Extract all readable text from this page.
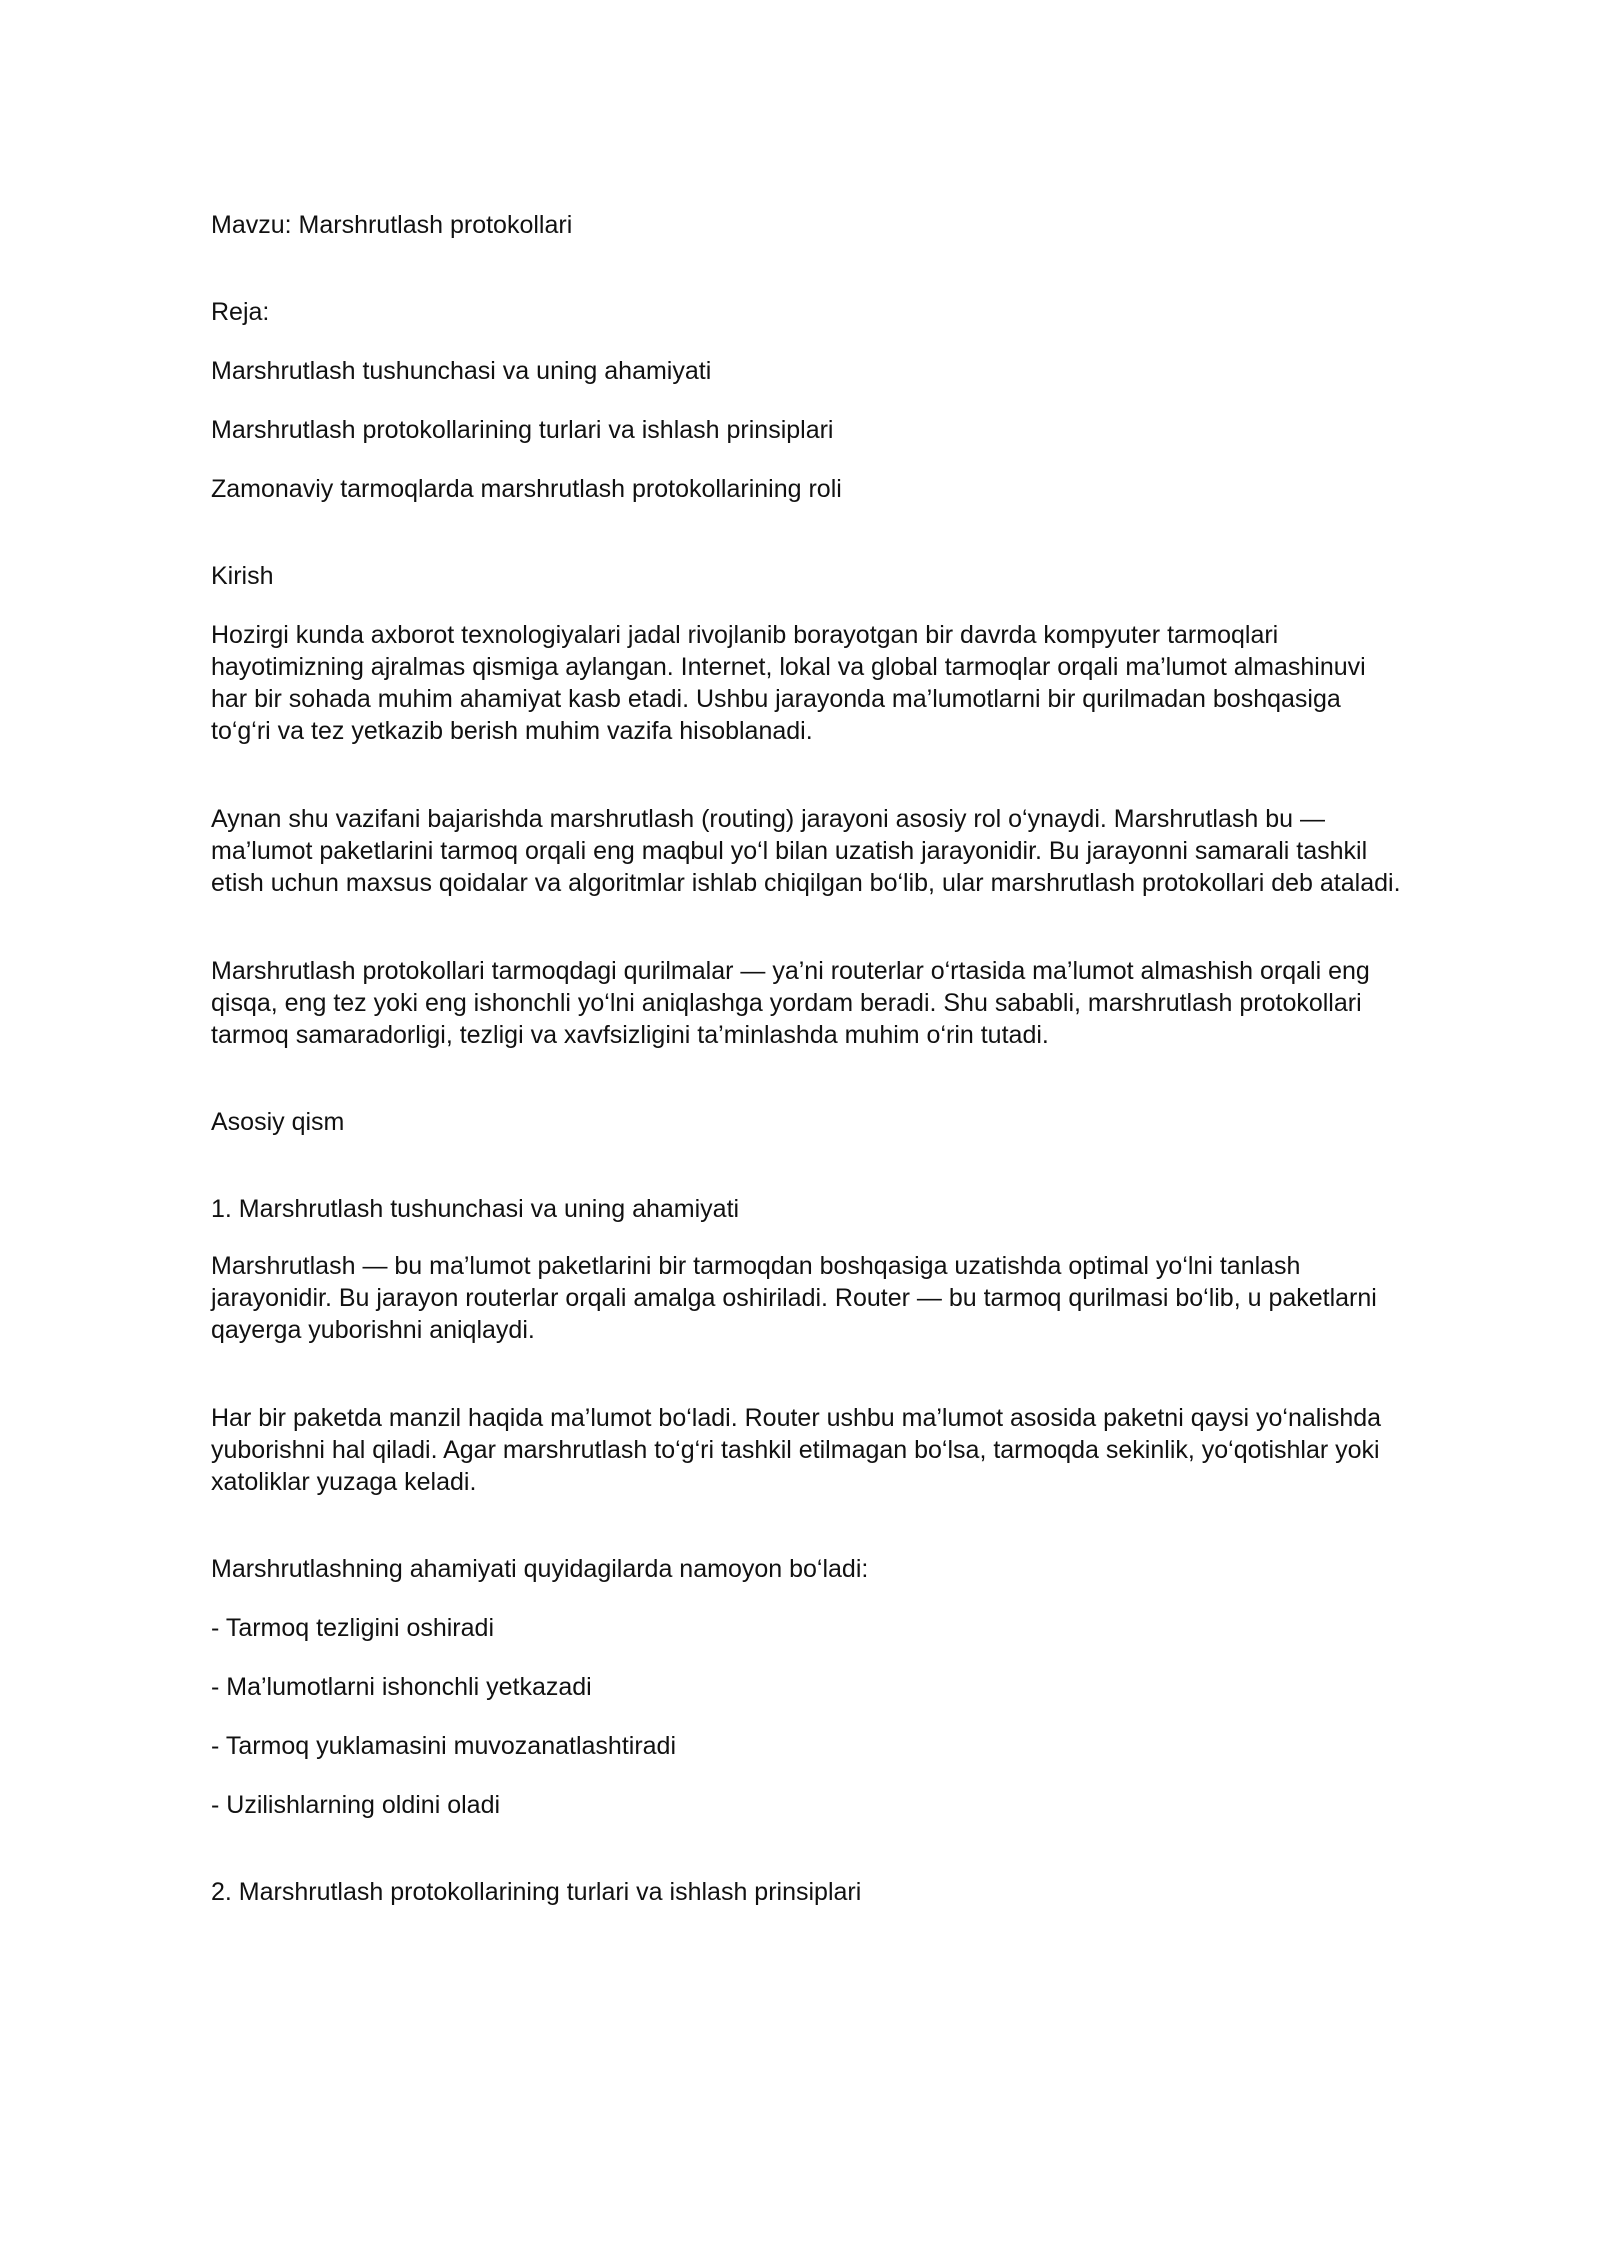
Mavzu: Marshrutlash protokollari

Reja:

Marshrutlash tushunchasi va uning ahamiyati

Marshrutlash protokollarining turlari va ishlash prinsiplari

Zamonaviy tarmoqlarda marshrutlash protokollarining roli

Kirish

Hozirgi kunda axborot texnologiyalari jadal rivojlanib borayotgan bir davrda kompyuter tarmoqlari hayotimizning ajralmas qismiga aylangan. Internet, lokal va global tarmoqlar orqali ma’lumot almashinuvi har bir sohada muhim ahamiyat kasb etadi. Ushbu jarayonda ma’lumotlarni bir qurilmadan boshqasiga to‘g‘ri va tez yetkazib berish muhim vazifa hisoblanadi.

Aynan shu vazifani bajarishda marshrutlash (routing) jarayoni asosiy rol o‘ynaydi. Marshrutlash bu — ma’lumot paketlarini tarmoq orqali eng maqbul yo‘l bilan uzatish jarayonidir. Bu jarayonni samarali tashkil etish uchun maxsus qoidalar va algoritmlar ishlab chiqilgan bo‘lib, ular marshrutlash protokollari deb ataladi.

Marshrutlash protokollari tarmoqdagi qurilmalar — ya’ni routerlar o‘rtasida ma’lumot almashish orqali eng qisqa, eng tez yoki eng ishonchli yo‘lni aniqlashga yordam beradi. Shu sababli, marshrutlash protokollari tarmoq samaradorligi, tezligi va xavfsizligini ta’minlashda muhim o‘rin tutadi.

Asosiy qism

1. Marshrutlash tushunchasi va uning ahamiyati

Marshrutlash — bu ma’lumot paketlarini bir tarmoqdan boshqasiga uzatishda optimal yo‘lni tanlash jarayonidir. Bu jarayon routerlar orqali amalga oshiriladi. Router — bu tarmoq qurilmasi bo‘lib, u paketlarni qayerga yuborishni aniqlaydi.

Har bir paketda manzil haqida ma’lumot bo‘ladi. Router ushbu ma’lumot asosida paketni qaysi yo‘nalishda yuborishni hal qiladi. Agar marshrutlash to‘g‘ri tashkil etilmagan bo‘lsa, tarmoqda sekinlik, yo‘qotishlar yoki xatoliklar yuzaga keladi.

Marshrutlashning ahamiyati quyidagilarda namoyon bo‘ladi:

- Tarmoq tezligini oshiradi

- Ma’lumotlarni ishonchli yetkazadi

- Tarmoq yuklamasini muvozanatlashtiradi

- Uzilishlarning oldini oladi

2. Marshrutlash protokollarining turlari va ishlash prinsiplari
